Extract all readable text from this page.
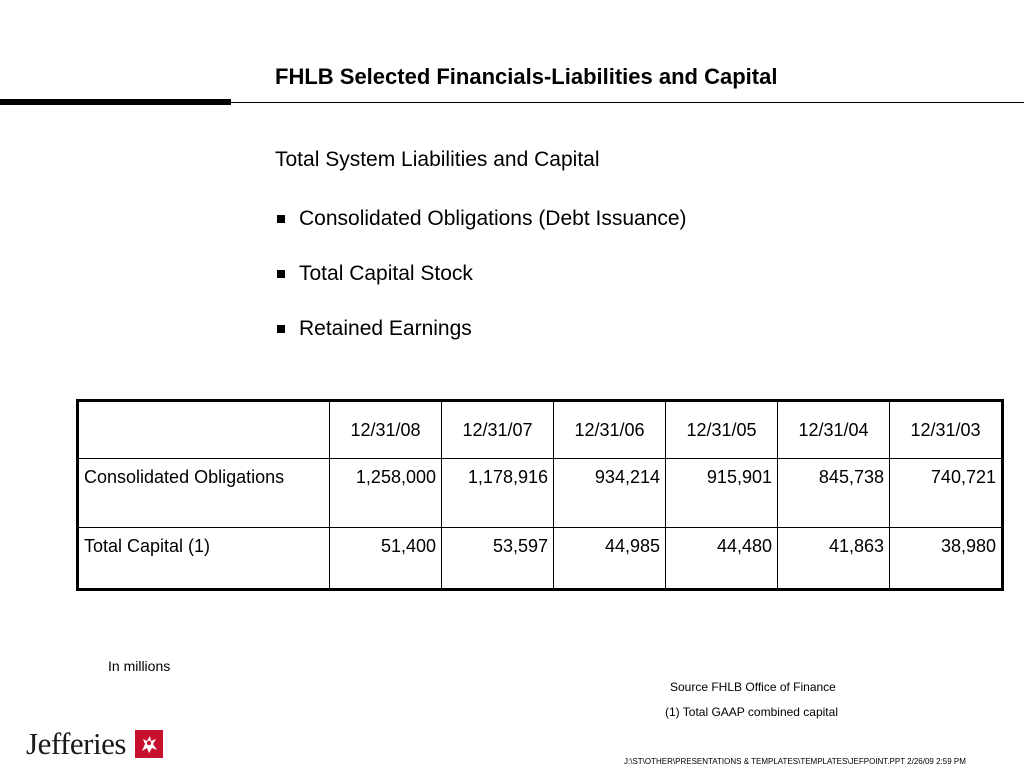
FHLB Selected Financials-Liabilities and Capital
Total System Liabilities and Capital
Consolidated Obligations (Debt Issuance)
Total Capital Stock
Retained Earnings
	12/31/08	12/31/07	12/31/06	12/31/05	12/31/04	12/31/03
Consolidated Obligations	1,258,000	1,178,916	934,214	915,901	845,738	740,721
Total Capital (1)	51,400	53,597	44,985	44,480	41,863	38,980
In millions
Source FHLB Office of Finance
(1) Total GAAP combined capital
Jefferies
J:\ST\OTHER\PRESENTATIONS & TEMPLATES\TEMPLATES\JEFPOINT.PPT 2/26/09 2:59 PM
